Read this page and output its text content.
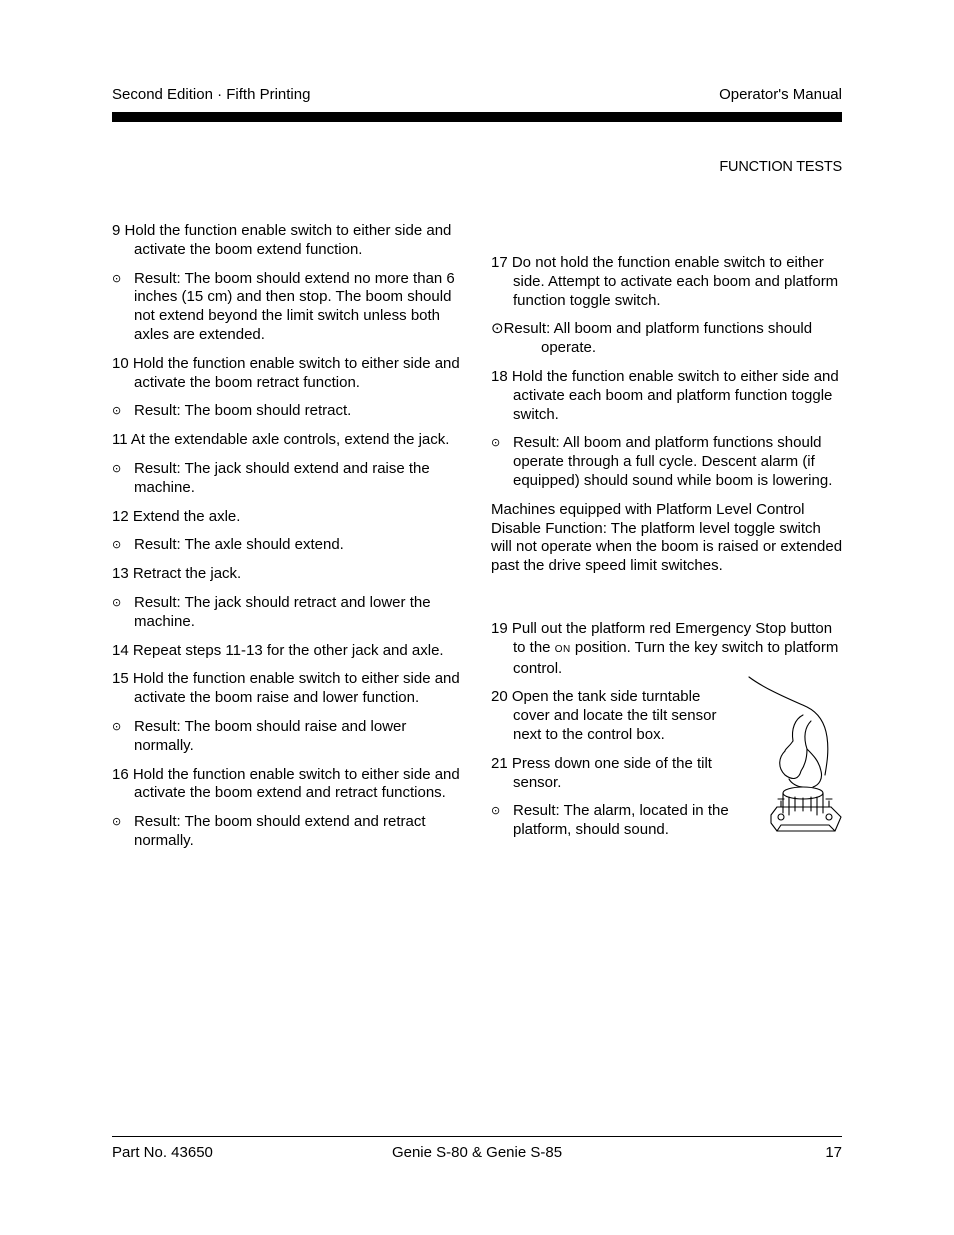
Second Edition · Fifth Printing	Operator's Manual
FUNCTION TESTS
9 Hold the function enable switch to either side and activate the boom extend function.
⊙ Result: The boom should extend no more than 6 inches (15 cm) and then stop. The boom should not extend beyond the limit switch unless both axles are extended.
10 Hold the function enable switch to either side and activate the boom retract function.
⊙ Result: The boom should retract.
11 At the extendable axle controls, extend the jack.
⊙ Result: The jack should extend and raise the machine.
12 Extend the axle.
⊙ Result: The axle should extend.
13 Retract the jack.
⊙ Result: The jack should retract and lower the machine.
14 Repeat steps 11-13 for the other jack and axle.
15 Hold the function enable switch to either side and activate the boom raise and lower function.
⊙ Result: The boom should raise and lower normally.
16 Hold the function enable switch to either side and activate the boom extend and retract functions.
⊙ Result: The boom should extend and retract normally.
17 Do not hold the function enable switch to either side. Attempt to activate each boom and platform function toggle switch.
⊙Result: All boom and platform functions should operate.
18 Hold the function enable switch to either side and activate each boom and platform function toggle switch.
⊙ Result: All boom and platform functions should operate through a full cycle. Descent alarm (if equipped) should sound while boom is lowering.
Machines equipped with Platform Level Control Disable Function: The platform level toggle switch will not operate when the boom is raised or extended past the drive speed limit switches.
19 Pull out the platform red Emergency Stop button to the ON position. Turn the key switch to platform control.
20 Open the tank side turntable cover and locate the tilt sensor next to the control box.
21 Press down one side of the tilt sensor.
⊙ Result: The alarm, located in the platform, should sound.
Part No. 43650	Genie S-80 & Genie S-85	17
